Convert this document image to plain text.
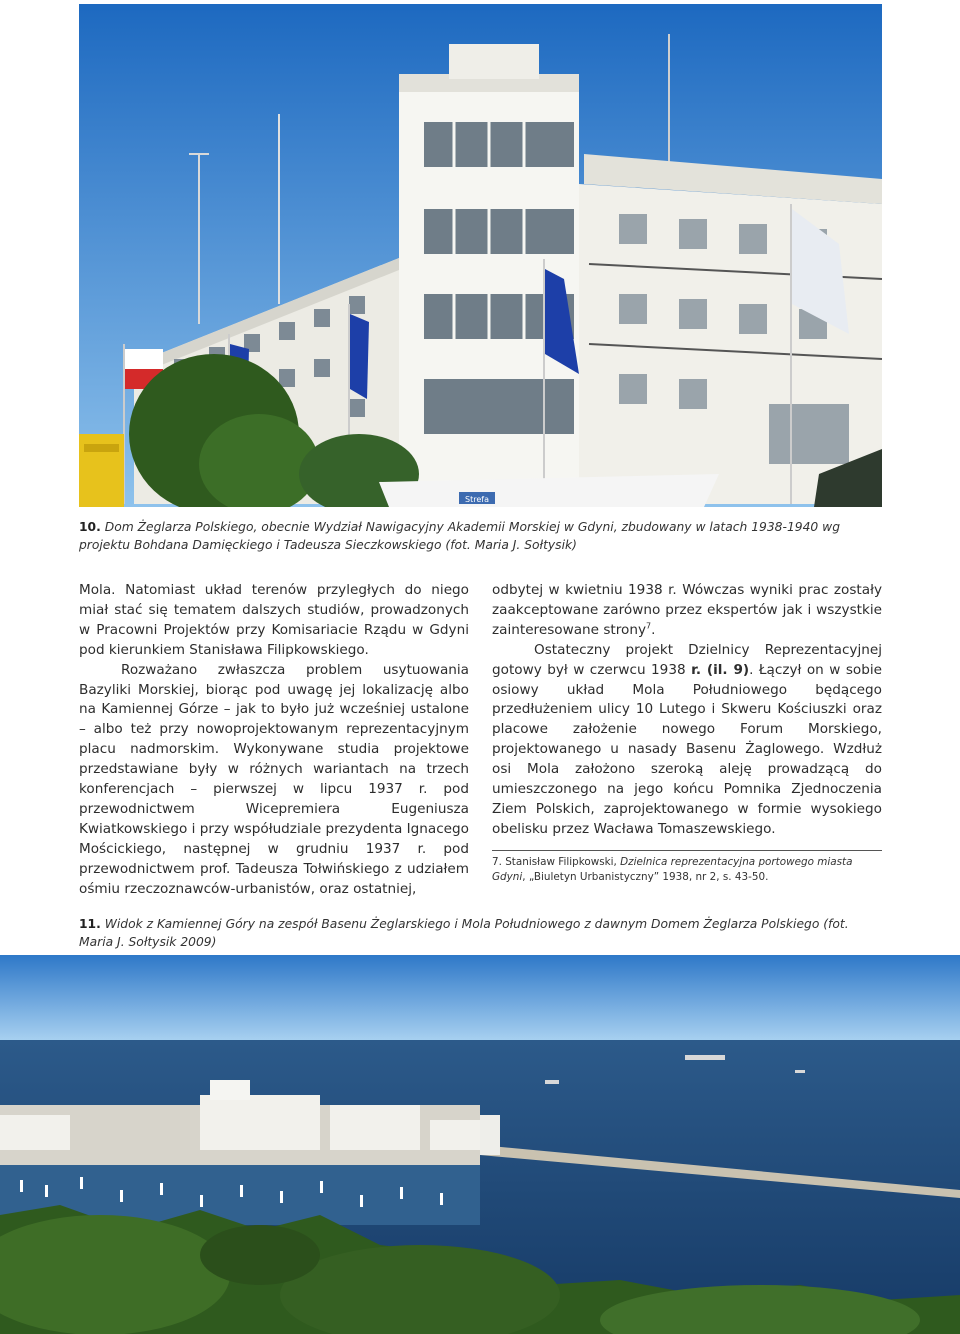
Strefa

10. Dom Żeglarza Polskiego, obecnie Wydział Nawigacyjny Akademii Morskiej w Gdyni, zbudowany w latach 1938-1940 wg projektu Bohdana Damięckiego i Tadeusza Sieczkowskiego (fot. Maria J. Sołtysik)

Mola. Natomiast układ terenów przyległych do niego miał stać się tematem dalszych studiów, prowadzonych w Pracowni Projektów przy Komisariacie Rządu w Gdyni pod kierunkiem Stanisława Filipkowskiego.

Rozważano zwłaszcza problem usytuowania Bazyliki Morskiej, biorąc pod uwagę jej lokalizację albo na Kamiennej Górze – jak to było już wcześniej ustalone – albo też przy nowoprojektowanym reprezentacyjnym placu nadmorskim. Wykonywane studia projektowe przedstawiane były w różnych wariantach na trzech konferencjach – pierwszej w lipcu 1937 r. pod przewodnictwem Wicepremiera Eugeniusza Kwiatkowskiego i przy współudziale prezydenta Ignacego Mościckiego, następnej w grudniu 1937 r. pod przewodnictwem prof. Tadeusza Tołwińskiego z udziałem ośmiu rzeczoznawców-urbanistów, oraz ostatniej,

odbytej w kwietniu 1938 r. Wówczas wyniki prac zostały zaakceptowane zarówno przez ekspertów jak i wszystkie zainteresowane strony$^7$.

Ostateczny projekt Dzielnicy Reprezentacyjnej gotowy był w czerwcu 1938 r. (il. 9). Łączył on w sobie osiowy układ Mola Południowego będącego przedłużeniem ulicy 10 Lutego i Skweru Kościuszki oraz placowe założenie nowego Forum Morskiego, projektowanego u nasady Basenu Żaglowego. Wzdłuż osi Mola założono szeroką aleję prowadzącą do umieszczonego na jego końcu Pomnika Zjednoczenia Ziem Polskich, zaprojektowanego w formie wysokiego obelisku przez Wacława Tomaszewskiego.

7. Stanisław Filipkowski, Dzielnica reprezentacyjna portowego miasta Gdyni, „Biuletyn Urbanistyczny” 1938, nr 2, s. 43-50.

11. Widok z Kamiennej Góry na zespół Basenu Żeglarskiego i Mola Południowego z dawnym Domem Żeglarza Polskiego (fot. Maria J. Sołtysik 2009)
